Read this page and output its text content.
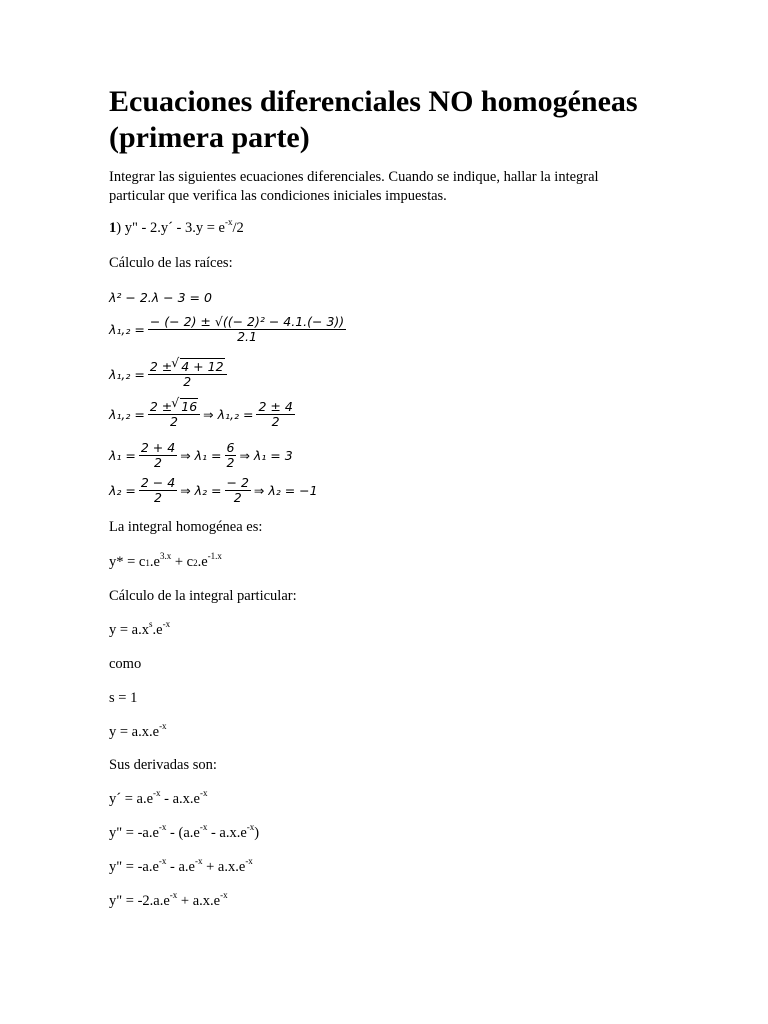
Ecuaciones diferenciales NO homogéneas (primera parte)

Integrar las siguientes ecuaciones diferenciales. Cuando se indique, hallar la integral particular que verifica las condiciones iniciales impuestas.

1) y" - 2.y´ - $3.y = e^{-x}/2$

Cálculo de las raíces:

λ² − 2.λ − 3 = 0
$\lambda_1,_2 = \frac{\text{− (− 2) ± √((− 2)² − 4.1.(− 3))}}{2.1}$
$\lambda_1,_2 = \frac{2 \pm √ 4 + 12}{2}$
$\lambda_1,_2 = \frac{2 \pm √ 16}{2}$ ⇒ $\lambda_1,_2 = \frac{2 \pm 4}{2}$
$\lambda_1 = \frac{2 + 4}{2}$ ⇒ $\lambda_1 = \frac{6}{2}$ ⇒ λ₁ = 3
$\lambda_2 = \frac{2 - 4}{2}$ ⇒ $\lambda_2 = \frac{- 2}{2}$ ⇒ λ₂ = −1

La integral homogénea es:

$y* = c1.e^{3.x} + c2.e^{-1.x}$

Cálculo de la integral particular:

$y = a.x^s.e^{-x}$

como

s = 1

$y = a.x.e^{-x}$

Sus derivadas son:

y´ = $a.e^{-x} - a.x.e^{-x}$

y" = $-a.e^{-x} - (a.e^{-x} - a.x.e^{-x})$

y" = $-a.e^{-x} - a.e^{-x} + a.x.e^{-x}$

y" = $-2.a.e^{-x} + a.x.e^{-x}$
